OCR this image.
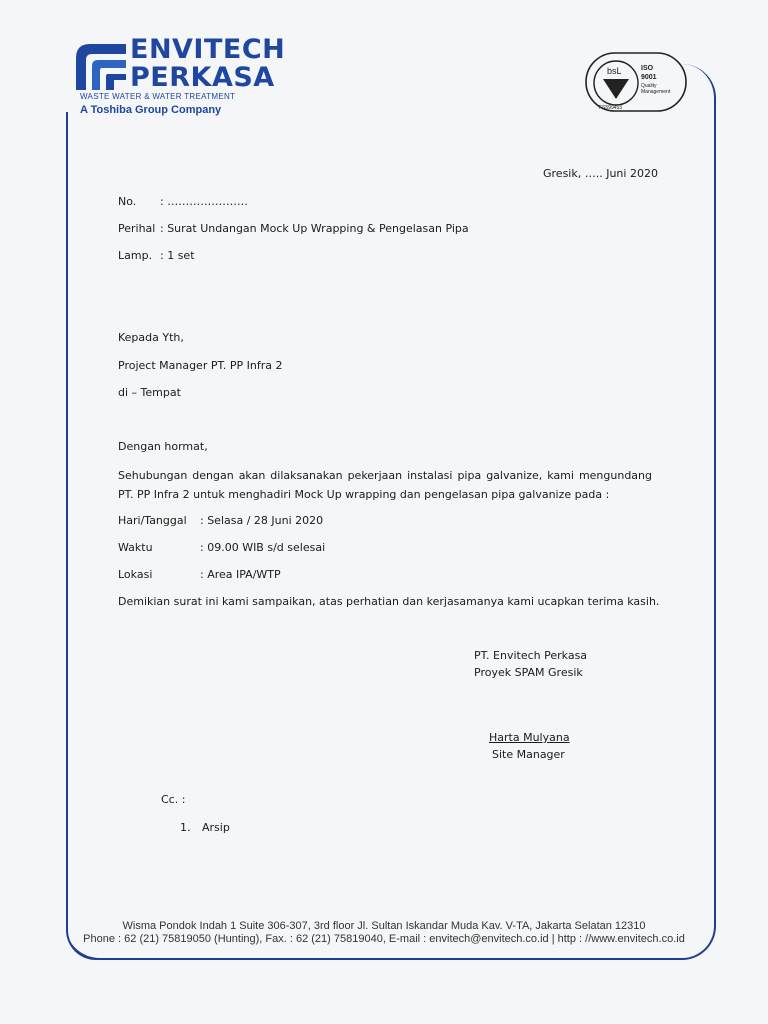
ENVITECH
PERKASA
WASTE WATER & WATER TREATMENT
A Toshiba Group Company
bsL	ISO
9001
Quality
Management
FS599453
Gresik, ….. Juni 2020
No. : ………………….
Perihal : Surat Undangan Mock Up Wrapping & Pengelasan Pipa
Lamp. : 1 set
Kepada Yth,
Project Manager PT. PP Infra 2
di – Tempat
Dengan hormat,
Sehubungan dengan akan dilaksanakan pekerjaan instalasi pipa galvanize, kami mengundang PT. PP Infra 2 untuk menghadiri Mock Up wrapping dan pengelasan pipa galvanize pada :
Hari/Tanggal : Selasa / 28 Juni 2020
Waktu	: 09.00 WIB s/d selesai
Lokasi	: Area IPA/WTP
Demikian surat ini kami sampaikan, atas perhatian dan kerjasamanya kami ucapkan terima kasih.
PT. Envitech Perkasa
Proyek SPAM Gresik
Harta Mulyana
Site Manager
Cc. :
1. Arsip
Wisma Pondok Indah 1 Suite 306-307, 3rd floor Jl. Sultan Iskandar Muda Kav. V-TA, Jakarta Selatan 12310
Phone : 62 (21) 75819050 (Hunting), Fax. : 62 (21) 75819040, E-mail : envitech@envitech.co.id | http : //www.envitech.co.id
